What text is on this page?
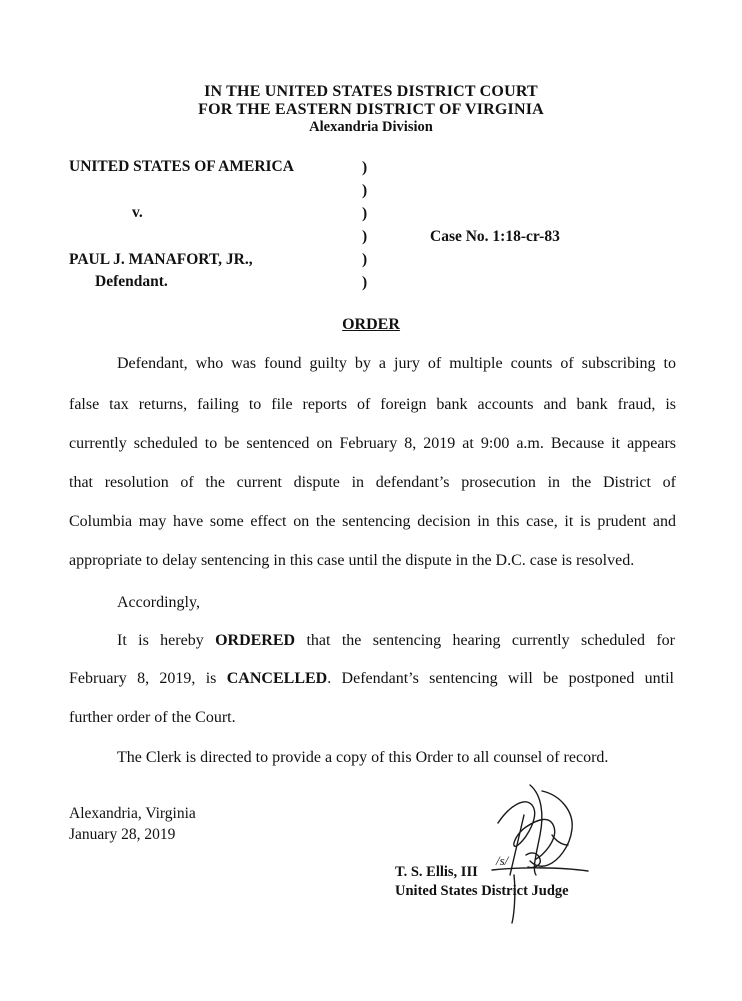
IN THE UNITED STATES DISTRICT COURT
FOR THE EASTERN DISTRICT OF VIRGINIA
Alexandria Division
UNITED STATES OF AMERICA
v.
PAUL J. MANAFORT, JR.,
Defendant.
)
)
)
)
)
)
Case No. 1:18-cr-83
ORDER
Defendant, who was found guilty by a jury of multiple counts of subscribing to
false tax returns, failing to file reports of foreign bank accounts and bank fraud, is
currently scheduled to be sentenced on February 8, 2019 at 9:00 a.m. Because it appears
that resolution of the current dispute in defendant’s prosecution in the District of
Columbia may have some effect on the sentencing decision in this case, it is prudent and
appropriate to delay sentencing in this case until the dispute in the D.C. case is resolved.
Accordingly,
It is hereby ORDERED that the sentencing hearing currently scheduled for
February 8, 2019, is CANCELLED. Defendant’s sentencing will be postponed until
further order of the Court.
The Clerk is directed to provide a copy of this Order to all counsel of record.
Alexandria, Virginia
January 28, 2019
/s/
T. S. Ellis, III
United States District Judge
